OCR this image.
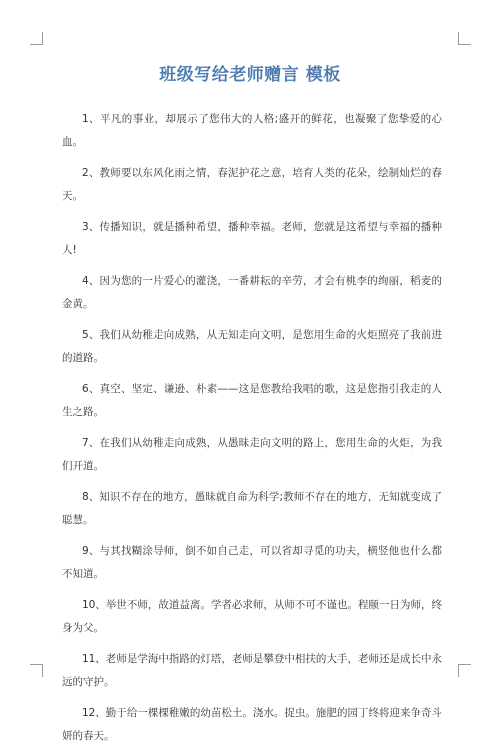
班级写给老师赠言 模板

1、平凡的事业，却展示了您伟大的人格;盛开的鲜花，也凝聚了您挚爱的心血。

2、教师要以东风化雨之情，春泥护花之意，培育人类的花朵，绘制灿烂的春天。

3、传播知识，就是播种希望，播种幸福。老师，您就是这希望与幸福的播种人!

4、因为您的一片爱心的灌浇，一番耕耘的辛劳，才会有桃李的绚丽，稻麦的金黄。

5、我们从幼稚走向成熟，从无知走向文明，是您用生命的火炬照亮了我前进的道路。

6、真空、坚定、谦逊、朴素——这是您教给我唱的歌，这是您指引我走的人生之路。

7、在我们从幼稚走向成熟，从愚昧走向文明的路上，您用生命的火炬，为我们开道。

8、知识不存在的地方，愚昧就自命为科学;教师不存在的地方，无知就变成了聪慧。

9、与其找糊涂导师，倒不如自己走，可以省却寻觅的功夫，横竖他也什么都不知道。

10、举世不师，故道益离。学者必求师，从师不可不谨也。程颐一日为师，终身为父。

11、老师是学海中指路的灯塔，老师是攀登中相扶的大手，老师还是成长中永远的守护。

12、勤于给一棵棵稚嫩的幼苗松土。浇水。捉虫。施肥的园丁终将迎来争奇斗妍的春天。
